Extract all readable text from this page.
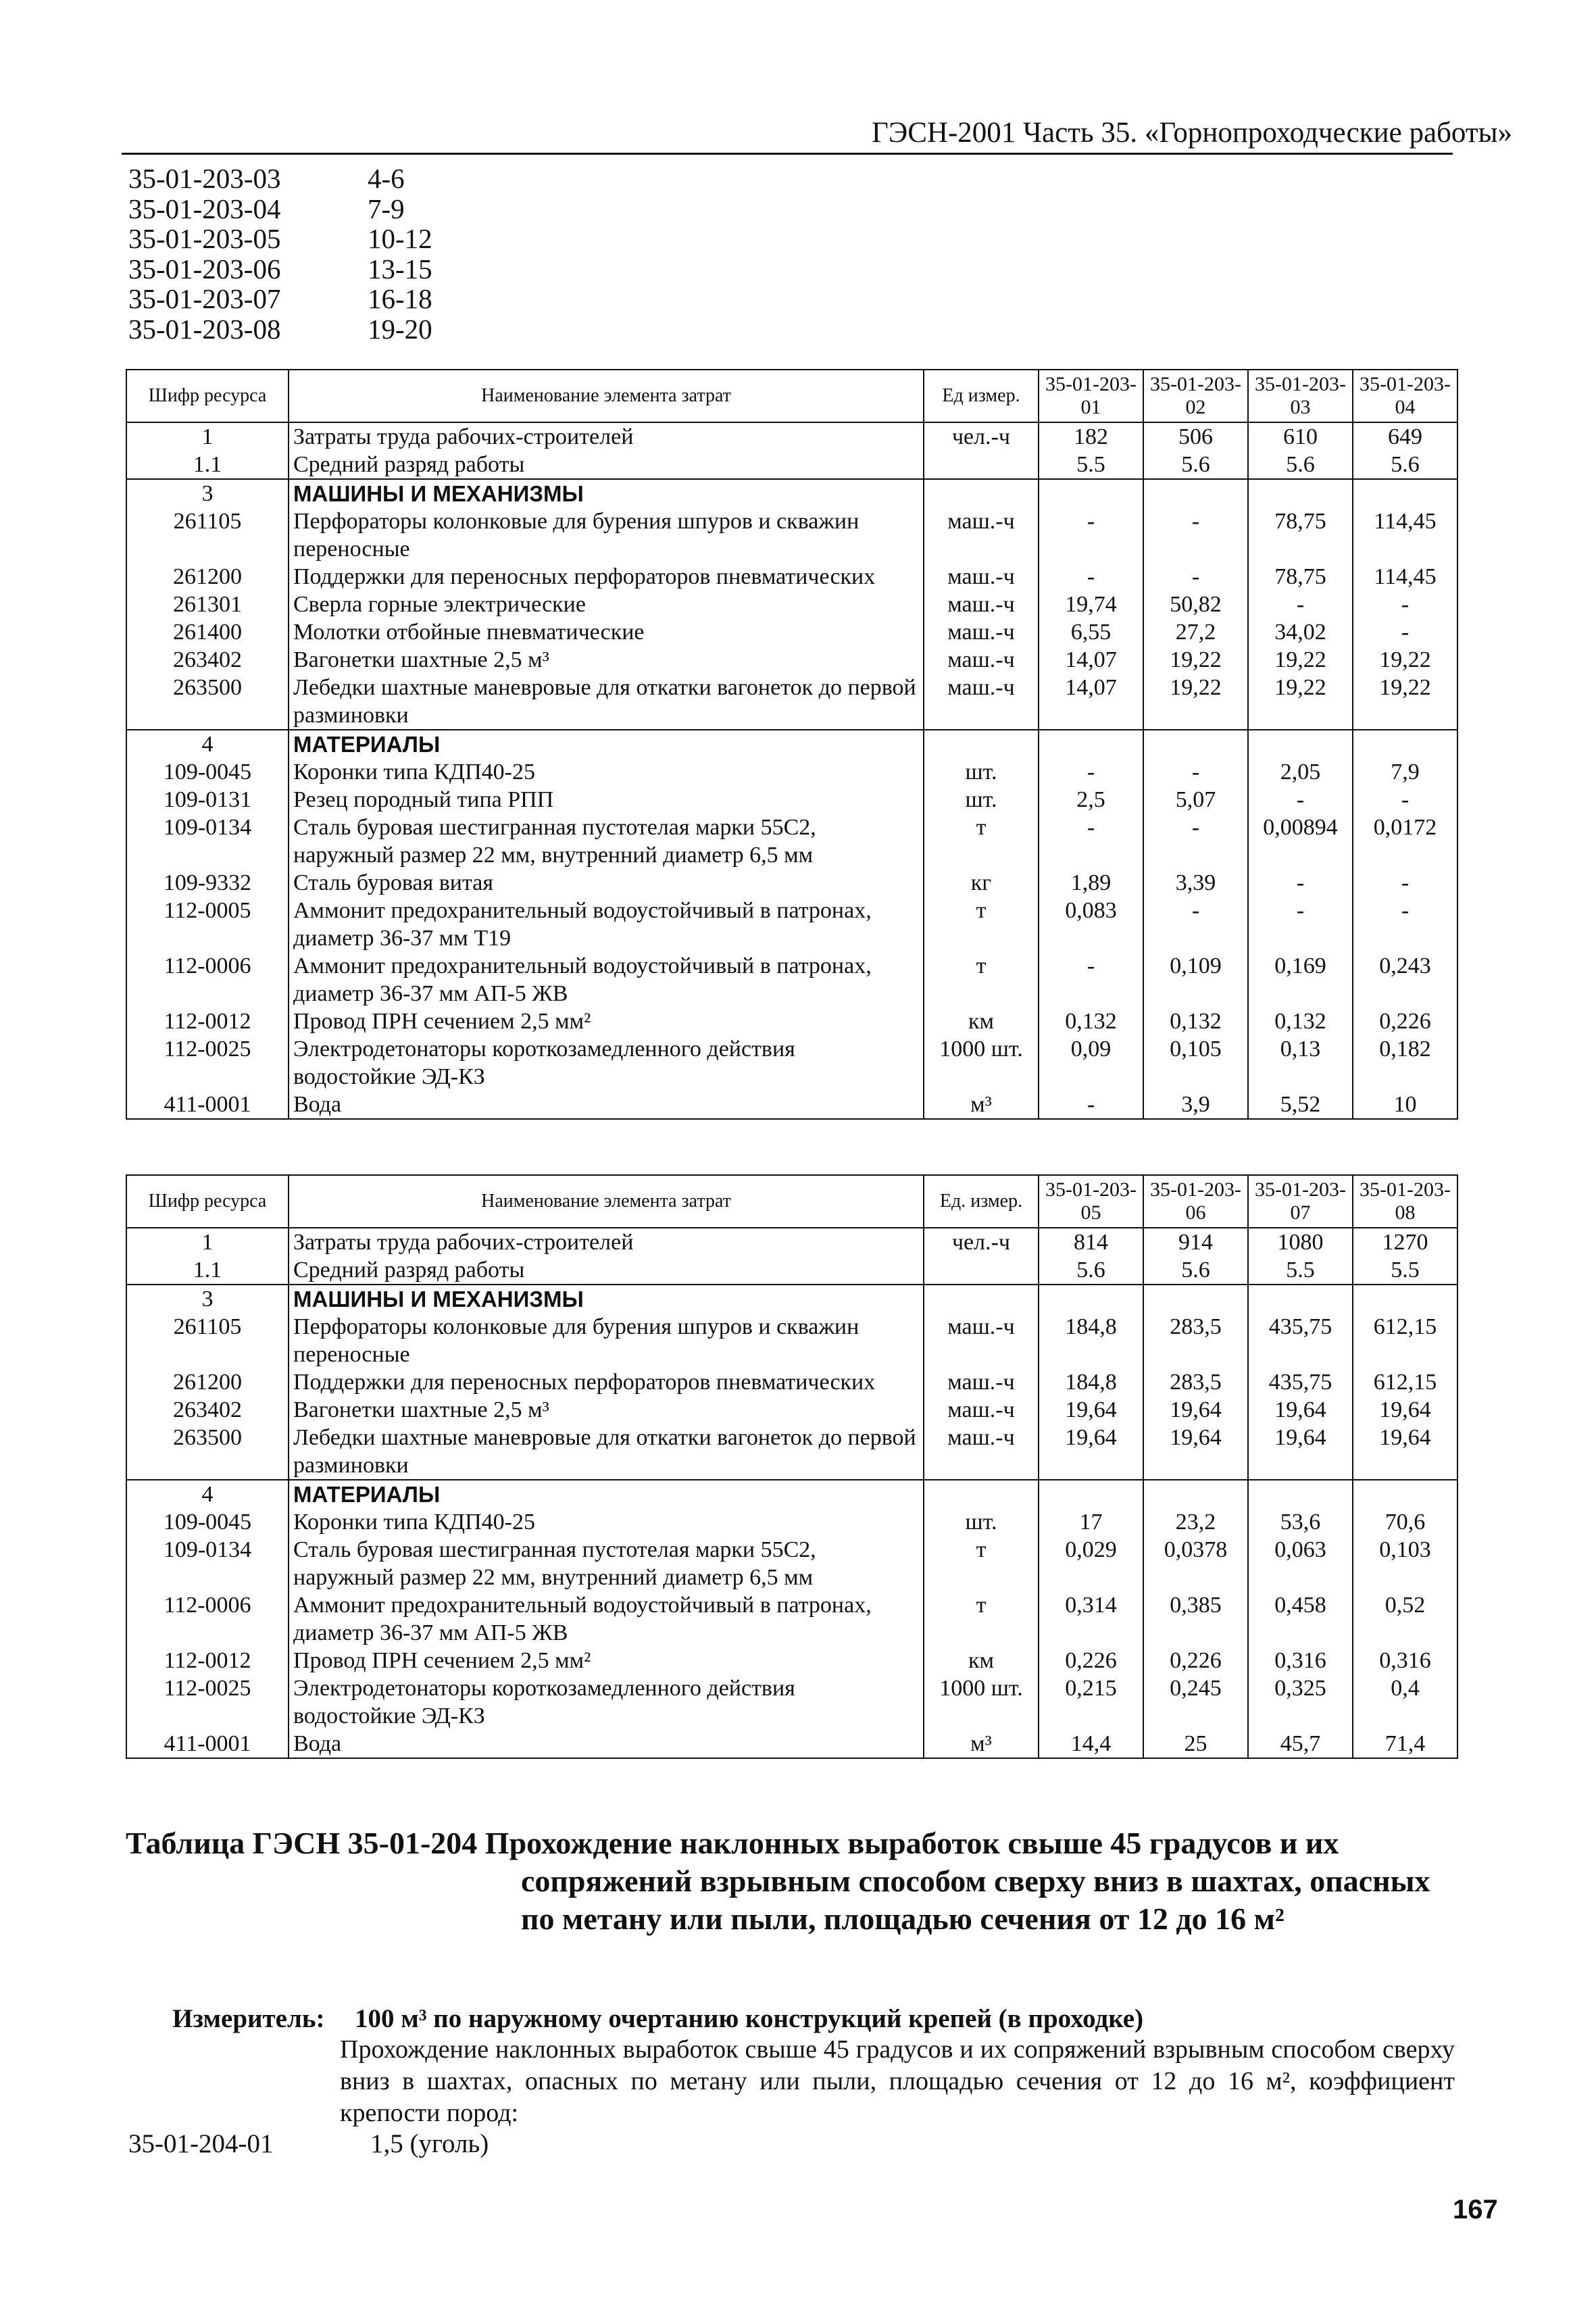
ГЭСН-2001 Часть 35. «Горнопроходческие работы»
35-01-203-03	4-6
35-01-203-04	7-9
35-01-203-05	10-12
35-01-203-06	13-15
35-01-203-07	16-18
35-01-203-08	19-20
Шифр ресурса	Наименование элемента затрат	Ед измер.	35-01-203-01	35-01-203-02	35-01-203-03	35-01-203-04
1	Затраты труда рабочих-строителей	чел.-ч	182	506	610	649
1.1	Средний разряд работы		5.5	5.6	5.6	5.6
3	МАШИНЫ И МЕХАНИЗМЫ					
261105	Перфораторы колонковые для бурения шпуров и скважин переносные	маш.-ч	-	-	78,75	114,45
261200	Поддержки для переносных перфораторов пневматических	маш.-ч	-	-	78,75	114,45
261301	Сверла горные электрические	маш.-ч	19,74	50,82	-	-
261400	Молотки отбойные пневматические	маш.-ч	6,55	27,2	34,02	-
263402	Вагонетки шахтные 2,5 м³	маш.-ч	14,07	19,22	19,22	19,22
263500	Лебедки шахтные маневровые для откатки вагонеток до первой разминовки	маш.-ч	14,07	19,22	19,22	19,22
4	МАТЕРИАЛЫ					
109-0045	Коронки типа КДП40-25	шт.	-	-	2,05	7,9
109-0131	Резец породный типа РПП	шт.	2,5	5,07	-	-
109-0134	Сталь буровая шестигранная пустотелая марки 55С2, наружный размер 22 мм, внутренний диаметр 6,5 мм	т	-	-	0,00894	0,0172
109-9332	Сталь буровая витая	кг	1,89	3,39	-	-
112-0005	Аммонит предохранительный водоустойчивый в патронах, диаметр 36-37 мм Т19	т	0,083	-	-	-
112-0006	Аммонит предохранительный водоустойчивый в патронах, диаметр 36-37 мм АП-5 ЖВ	т	-	0,109	0,169	0,243
112-0012	Провод ПРН сечением 2,5 мм²	км	0,132	0,132	0,132	0,226
112-0025	Электродетонаторы короткозамедленного действия водостойкие ЭД-КЗ	1000 шт.	0,09	0,105	0,13	0,182
411-0001	Вода	м³	-	3,9	5,52	10
Шифр ресурса	Наименование элемента затрат	Ед. измер.	35-01-203-05	35-01-203-06	35-01-203-07	35-01-203-08
1	Затраты труда рабочих-строителей	чел.-ч	814	914	1080	1270
1.1	Средний разряд работы		5.6	5.6	5.5	5.5
3	МАШИНЫ И МЕХАНИЗМЫ					
261105	Перфораторы колонковые для бурения шпуров и скважин переносные	маш.-ч	184,8	283,5	435,75	612,15
261200	Поддержки для переносных перфораторов пневматических	маш.-ч	184,8	283,5	435,75	612,15
263402	Вагонетки шахтные 2,5 м³	маш.-ч	19,64	19,64	19,64	19,64
263500	Лебедки шахтные маневровые для откатки вагонеток до первой разминовки	маш.-ч	19,64	19,64	19,64	19,64
4	МАТЕРИАЛЫ					
109-0045	Коронки типа КДП40-25	шт.	17	23,2	53,6	70,6
109-0134	Сталь буровая шестигранная пустотелая марки 55С2, наружный размер 22 мм, внутренний диаметр 6,5 мм	т	0,029	0,0378	0,063	0,103
112-0006	Аммонит предохранительный водоустойчивый в патронах, диаметр 36-37 мм АП-5 ЖВ	т	0,314	0,385	0,458	0,52
112-0012	Провод ПРН сечением 2,5 мм²	км	0,226	0,226	0,316	0,316
112-0025	Электродетонаторы короткозамедленного действия водостойкие ЭД-КЗ	1000 шт.	0,215	0,245	0,325	0,4
411-0001	Вода	м³	14,4	25	45,7	71,4
Таблица ГЭСН 35-01-204 Прохождение наклонных выработок свыше 45 градусов и их
сопряжений взрывным способом сверху вниз в шахтах, опасных
по метану или пыли, площадью сечения от 12 до 16 м²
Измеритель: 100 м³ по наружному очертанию конструкций крепей (в проходке)
Прохождение наклонных выработок свыше 45 градусов и их сопряжений взрывным способом сверху вниз в шахтах, опасных по метану или пыли, площадью сечения от 12 до 16 м², коэффициент крепости пород:
35-01-204-01	1,5 (уголь)
167
